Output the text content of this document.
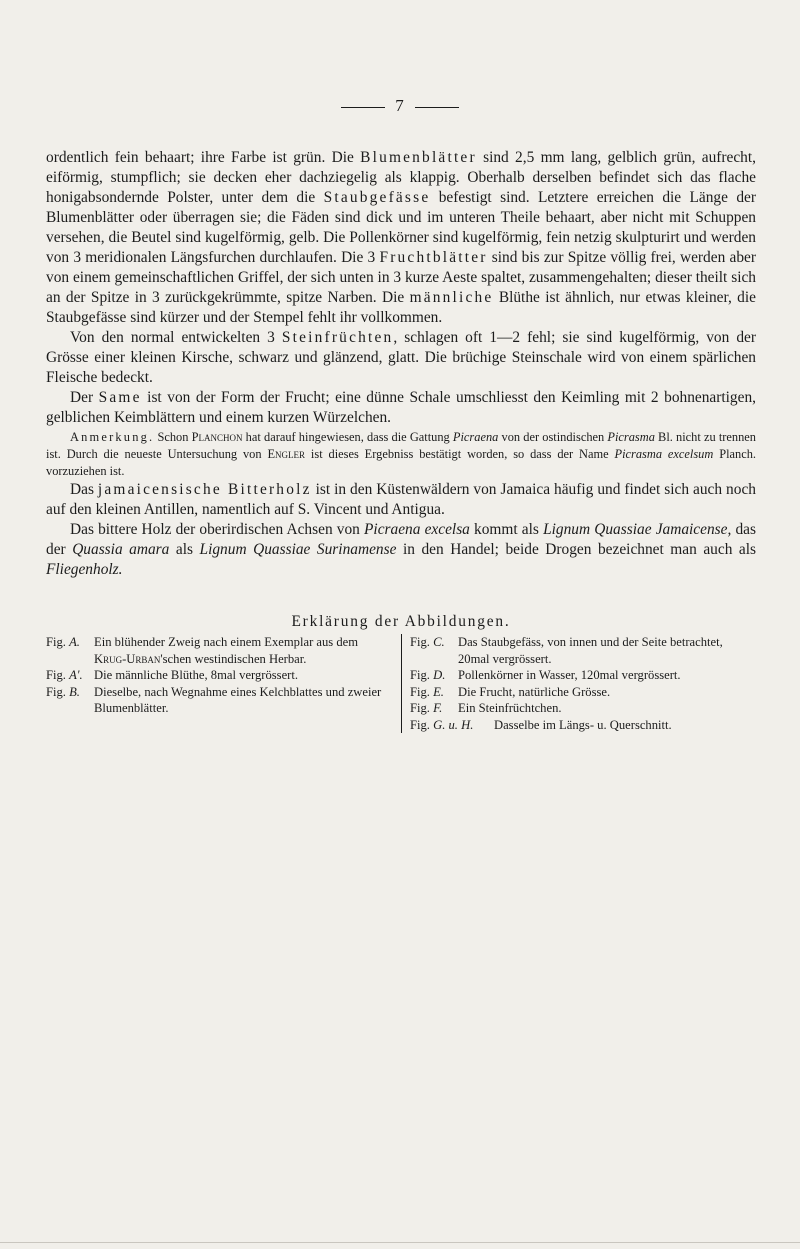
7

ordentlich fein behaart; ihre Farbe ist grün. Die Blumenblätter sind 2,5 mm lang, gelblich grün, aufrecht, eiförmig, stumpflich; sie decken eher dachziegelig als klappig. Oberhalb derselben befindet sich das flache honigabsondernde Polster, unter dem die Staubgefässe befestigt sind. Letztere erreichen die Länge der Blumenblätter oder überragen sie; die Fäden sind dick und im unteren Theile behaart, aber nicht mit Schuppen versehen, die Beutel sind kugelförmig, gelb. Die Pollenkörner sind kugelförmig, fein netzig skulpturirt und werden von 3 meridionalen Längsfurchen durchlaufen. Die 3 Fruchtblätter sind bis zur Spitze völlig frei, werden aber von einem gemeinschaftlichen Griffel, der sich unten in 3 kurze Aeste spaltet, zusammengehalten; dieser theilt sich an der Spitze in 3 zurückgekrümmte, spitze Narben. Die männliche Blüthe ist ähnlich, nur etwas kleiner, die Staubgefässe sind kürzer und der Stempel fehlt ihr vollkommen.

Von den normal entwickelten 3 Steinfrüchten, schlagen oft 1—2 fehl; sie sind kugelförmig, von der Grösse einer kleinen Kirsche, schwarz und glänzend, glatt. Die brüchige Steinschale wird von einem spärlichen Fleische bedeckt.

Der Same ist von der Form der Frucht; eine dünne Schale umschliesst den Keimling mit 2 bohnenartigen, gelblichen Keimblättern und einem kurzen Würzelchen.

Anmerkung. Schon Planchon hat darauf hingewiesen, dass die Gattung Picraena von der ostindischen Picrasma Bl. nicht zu trennen ist. Durch die neueste Untersuchung von Engler ist dieses Ergebniss bestätigt worden, so dass der Name Picrasma excelsum Planch. vorzuziehen ist.

Das jamaicensische Bitterholz ist in den Küstenwäldern von Jamaica häufig und findet sich auch noch auf den kleinen Antillen, namentlich auf S. Vincent und Antigua.

Das bittere Holz der oberirdischen Achsen von Picraena excelsa kommt als Lignum Quassiae Jamaicense, das der Quassia amara als Lignum Quassiae Surinamense in den Handel; beide Drogen bezeichnet man auch als Fliegenholz.

Erklärung der Abbildungen.

Fig. A.	Ein blühender Zweig nach einem Exemplar aus dem Krug-Urban'schen westindischen Herbar.
Fig. A'. Die männliche Blüthe, 8mal vergrössert.
Fig. B.	Dieselbe, nach Wegnahme eines Kelchblattes und zweier Blumenblätter.
Fig. C.	Das Staubgefäss, von innen und der Seite betrachtet, 20mal vergrössert.
Fig. D.	Pollenkörner in Wasser, 120mal vergrössert.
Fig. E.	Die Frucht, natürliche Grösse.
Fig. F.	Ein Steinfrüchtchen.
Fig. G. u. H.	Dasselbe im Längs- u. Querschnitt.
